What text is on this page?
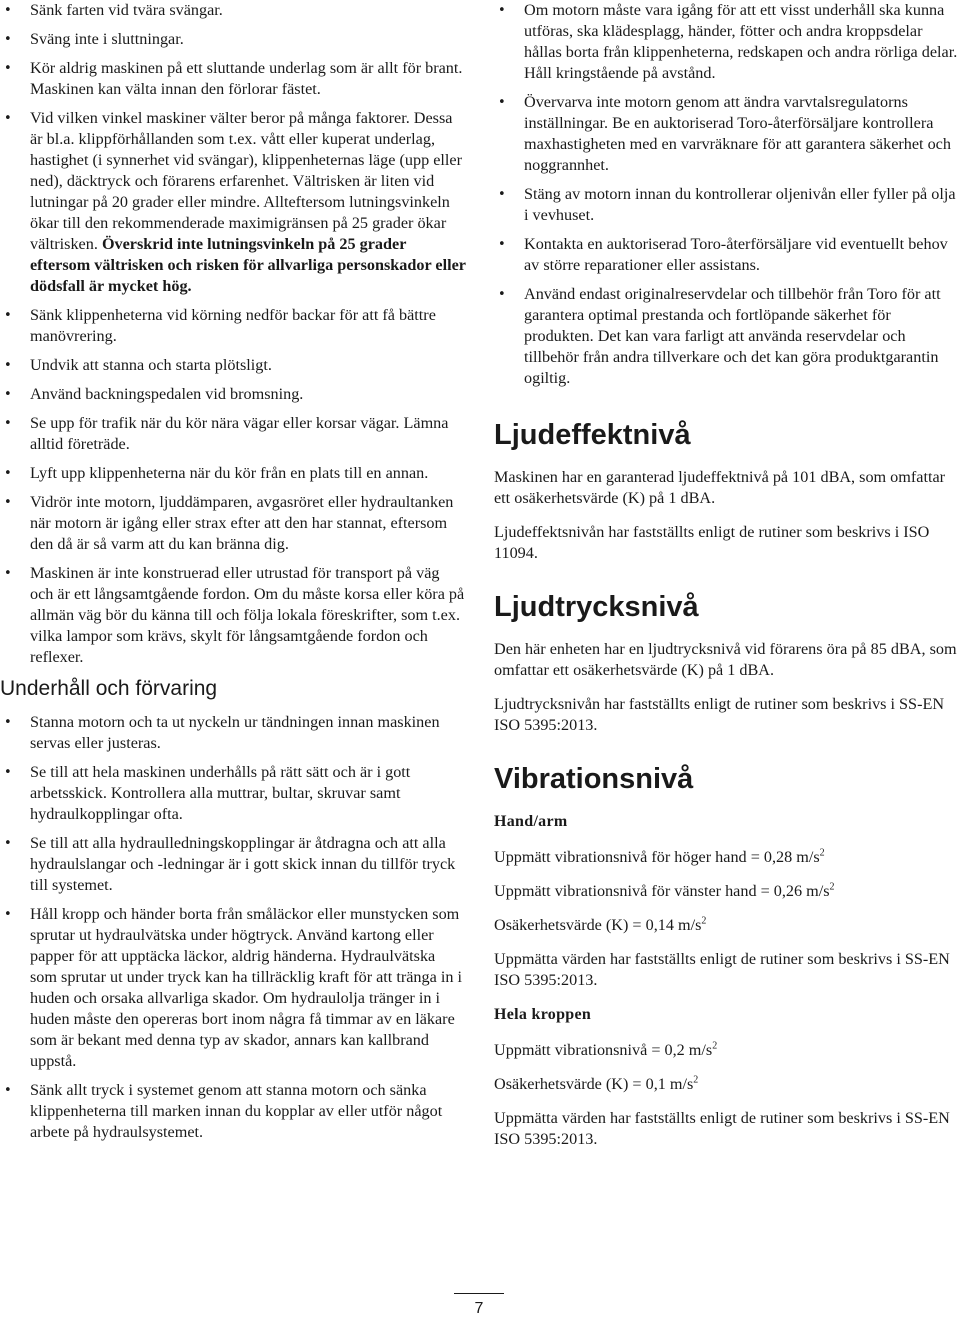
• Sänk farten vid tvära svängar.
• Sväng inte i sluttningar.
• Kör aldrig maskinen på ett sluttande underlag som är allt för brant. Maskinen kan välta innan den förlorar fästet.
• Vid vilken vinkel maskiner välter beror på många faktorer. Dessa är bl.a. klippförhållanden som t.ex. vått eller kuperat underlag, hastighet (i synnerhet vid svängar), klippenheternas läge (upp eller ned), däcktryck och förarens erfarenhet. Vältrisken är liten vid lutningar på 20 grader eller mindre. Allteftersom lutningsvinkeln ökar till den rekommenderade maximigränsen på 25 grader ökar vältrisken. Överskrid inte lutningsvinkeln på 25 grader eftersom vältrisken och risken för allvarliga personskador eller dödsfall är mycket hög.
• Sänk klippenheterna vid körning nedför backar för att få bättre manövrering.
• Undvik att stanna och starta plötsligt.
• Använd backningspedalen vid bromsning.
• Se upp för trafik när du kör nära vägar eller korsar vägar. Lämna alltid företräde.
• Lyft upp klippenheterna när du kör från en plats till en annan.
• Vidrör inte motorn, ljuddämparen, avgasröret eller hydraultanken när motorn är igång eller strax efter att den har stannat, eftersom den då är så varm att du kan bränna dig.
• Maskinen är inte konstruerad eller utrustad för transport på väg och är ett långsamtgående fordon. Om du måste korsa eller köra på allmän väg bör du känna till och följa lokala föreskrifter, som t.ex. vilka lampor som krävs, skylt för långsamtgående fordon och reflexer.
Underhåll och förvaring
• Stanna motorn och ta ut nyckeln ur tändningen innan maskinen servas eller justeras.
• Se till att hela maskinen underhålls på rätt sätt och är i gott arbetsskick. Kontrollera alla muttrar, bultar, skruvar samt hydraulkopplingar ofta.
• Se till att alla hydraulledningskopplingar är åtdragna och att alla hydraulslangar och -ledningar är i gott skick innan du tillför tryck till systemet.
• Håll kropp och händer borta från småläckor eller munstycken som sprutar ut hydraulvätska under högtryck. Använd kartong eller papper för att upptäcka läckor, aldrig händerna. Hydraulvätska som sprutar ut under tryck kan ha tillräcklig kraft för att tränga in i huden och orsaka allvarliga skador. Om hydraulolja tränger in i huden måste den opereras bort inom några få timmar av en läkare som är bekant med denna typ av skador, annars kan kallbrand uppstå.
• Sänk allt tryck i systemet genom att stanna motorn och sänka klippenheterna till marken innan du kopplar av eller utför något arbete på hydraulsystemet.
• Om motorn måste vara igång för att ett visst underhåll ska kunna utföras, ska klädesplagg, händer, fötter och andra kroppsdelar hållas borta från klippenheterna, redskapen och andra rörliga delar. Håll kringstående på avstånd.
• Övervarva inte motorn genom att ändra varvtalsregulatorns inställningar. Be en auktoriserad Toro-återförsäljare kontrollera maxhastigheten med en varvräknare för att garantera säkerhet och noggrannhet.
• Stäng av motorn innan du kontrollerar oljenivån eller fyller på olja i vevhuset.
• Kontakta en auktoriserad Toro-återförsäljare vid eventuellt behov av större reparationer eller assistans.
• Använd endast originalreservdelar och tillbehör från Toro för att garantera optimal prestanda och fortlöpande säkerhet för produkten. Det kan vara farligt att använda reservdelar och tillbehör från andra tillverkare och det kan göra produktgarantin ogiltig.
Ljudeffektnivå

Maskinen har en garanterad ljudeffektnivå på 101 dBA, som omfattar ett osäkerhetsvärde (K) på 1 dBA.

Ljudeffektsnivån har fastställts enligt de rutiner som beskrivs i ISO 11094.

Ljudtrycksnivå

Den här enheten har en ljudtrycksnivå vid förarens öra på 85 dBA, som omfattar ett osäkerhetsvärde (K) på 1 dBA.

Ljudtrycksnivån har fastställts enligt de rutiner som beskrivs i SS-EN ISO 5395:2013.

Vibrationsnivå
Hand/arm

Uppmätt vibrationsnivå för höger hand = 0,28 $m/s^2$

Uppmätt vibrationsnivå för vänster hand = 0,26 $m/s^2$

Osäkerhetsvärde (K) = 0,14 $m/s^2$

Uppmätta värden har fastställts enligt de rutiner som beskrivs i SS-EN ISO 5395:2013.

Hela kroppen

Uppmätt vibrationsnivå = 0,2 $m/s^2$

Osäkerhetsvärde (K) = 0,1 $m/s^2$

Uppmätta värden har fastställts enligt de rutiner som beskrivs i SS-EN ISO 5395:2013.

7
